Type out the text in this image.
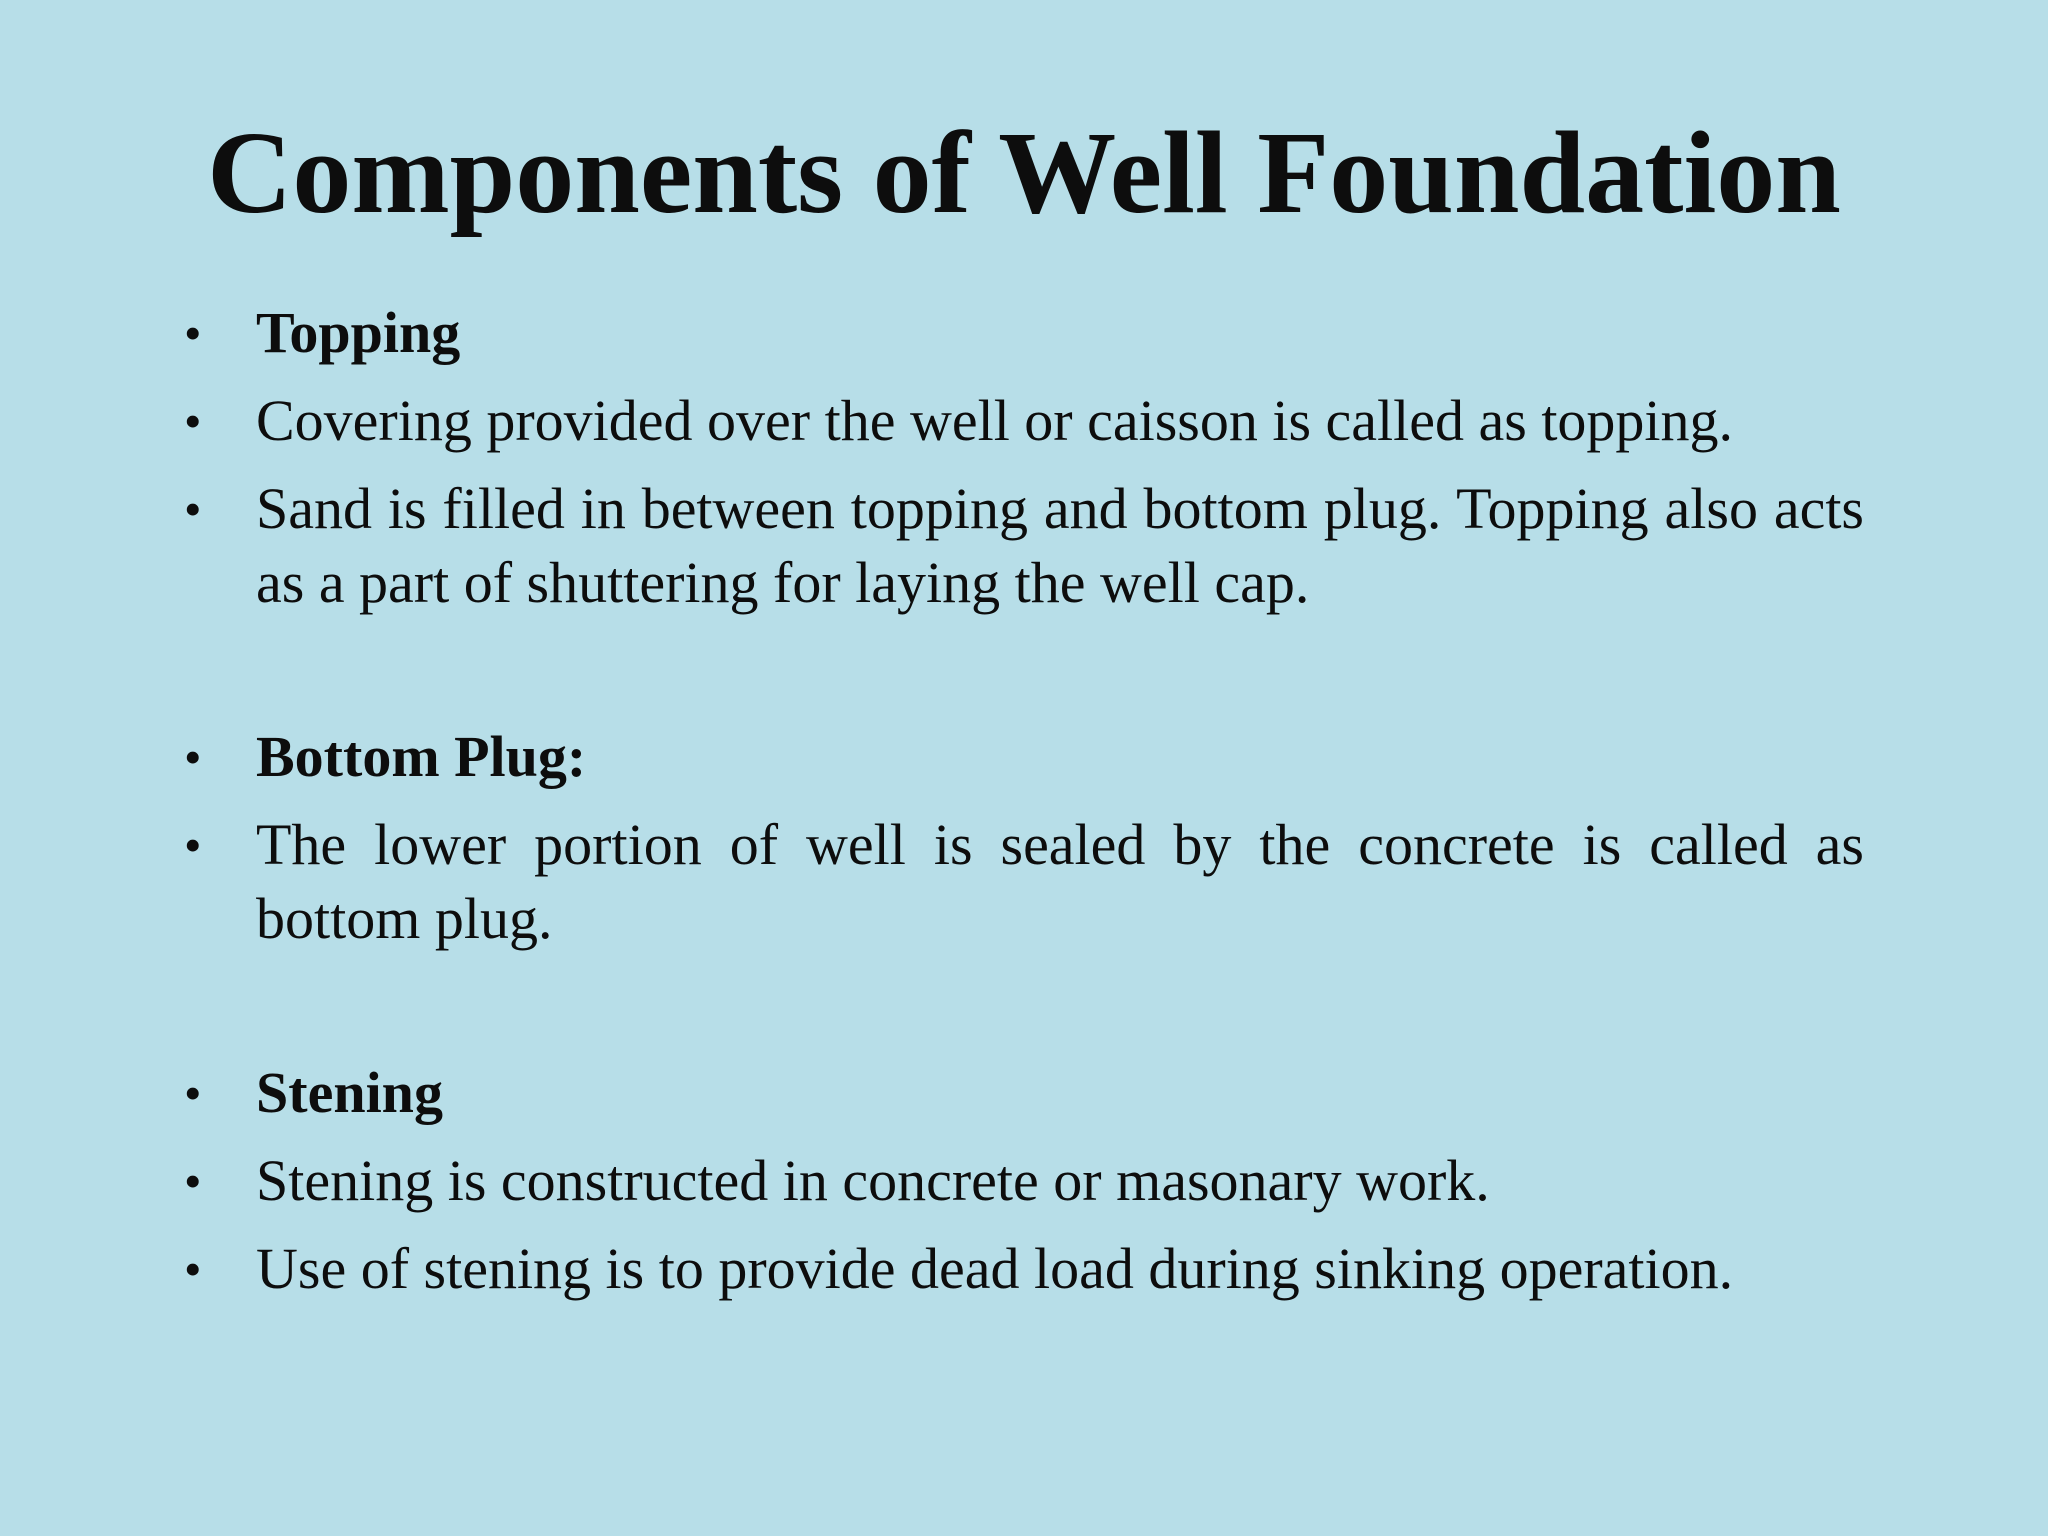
Components of Well Foundation
• Topping
• Covering provided over the well or caisson is called as topping.
• Sand is filled in between topping and bottom plug. Topping also acts as a part of shuttering for laying the well cap.
• Bottom Plug:
• The lower portion of well is sealed by the concrete is called as bottom plug.
• Stening
• Stening is constructed in concrete or masonary work.
• Use of stening is to provide dead load during sinking operation.
